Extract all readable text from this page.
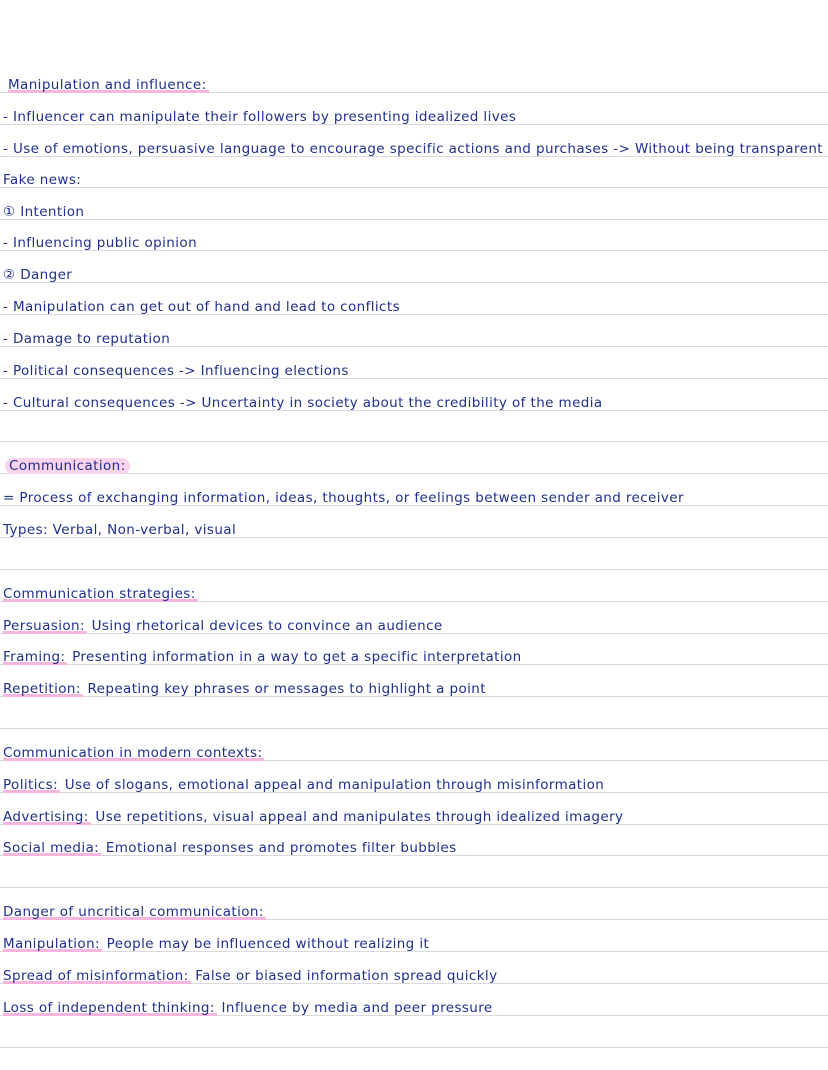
Manipulation and influence:
- Influencer can manipulate their followers by presenting idealized lives
- Use of emotions, persuasive language to encourage specific actions and purchases -> Without being transparent
Fake news:
① Intention
- Influencing public opinion
② Danger
- Manipulation can get out of hand and lead to conflicts
- Damage to reputation
- Political consequences -> Influencing elections
- Cultural consequences -> Uncertainty in society about the credibility of the media
Communication:
= Process of exchanging information, ideas, thoughts, or feelings between sender and receiver
Types: Verbal, Non-verbal, visual
Communication strategies:
Persuasion: Using rhetorical devices to convince an audience
Framing: Presenting information in a way to get a specific interpretation
Repetition: Repeating key phrases or messages to highlight a point
Communication in modern contexts:
Politics: Use of slogans, emotional appeal and manipulation through misinformation
Advertising: Use repetitions, visual appeal and manipulates through idealized imagery
Social media: Emotional responses and promotes filter bubbles
Danger of uncritical communication:
Manipulation: People may be influenced without realizing it
Spread of misinformation: False or biased information spread quickly
Loss of independent thinking: Influence by media and peer pressure
